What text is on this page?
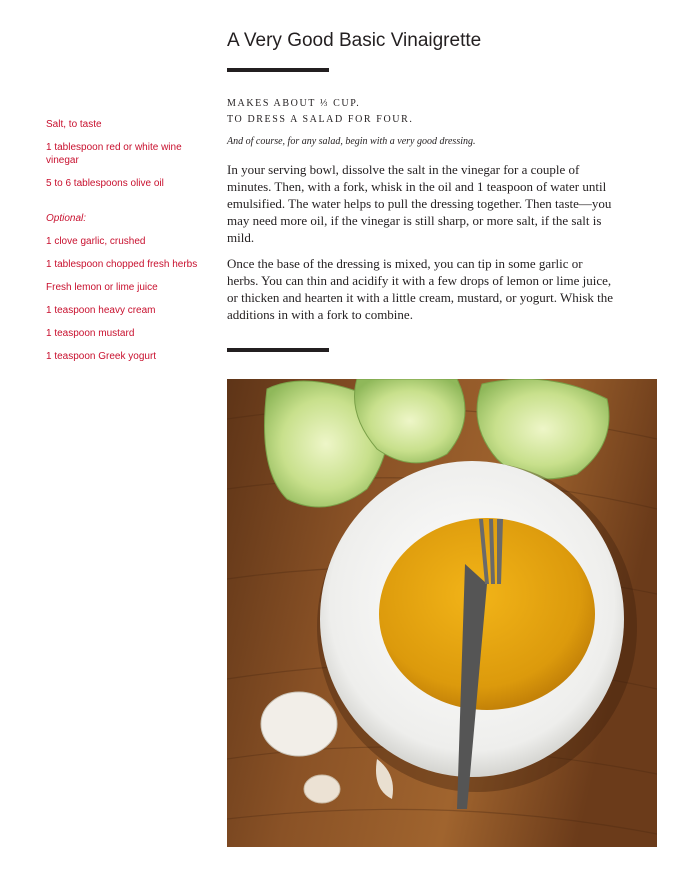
A Very Good Basic Vinaigrette
Salt, to taste
1 tablespoon red or white wine vinegar
5 to 6 tablespoons olive oil
Optional:
1 clove garlic, crushed
1 tablespoon chopped fresh herbs
Fresh lemon or lime juice
1 teaspoon heavy cream
1 teaspoon mustard
1 teaspoon Greek yogurt
MAKES ABOUT ⅓ CUP.
TO DRESS A SALAD FOR FOUR.
And of course, for any salad, begin with a very good dressing.

In your serving bowl, dissolve the salt in the vinegar for a couple of minutes. Then, with a fork, whisk in the oil and 1 teaspoon of water until emulsified. The water helps to pull the dressing together. Then taste—you may need more oil, if the vinegar is still sharp, or more salt, if the salt is mild.

Once the base of the dressing is mixed, you can tip in some garlic or herbs. You can thin and acidify it with a few drops of lemon or lime juice, or thicken and hearten it with a little cream, mustard, or yogurt. Whisk the additions in with a fork to combine.
